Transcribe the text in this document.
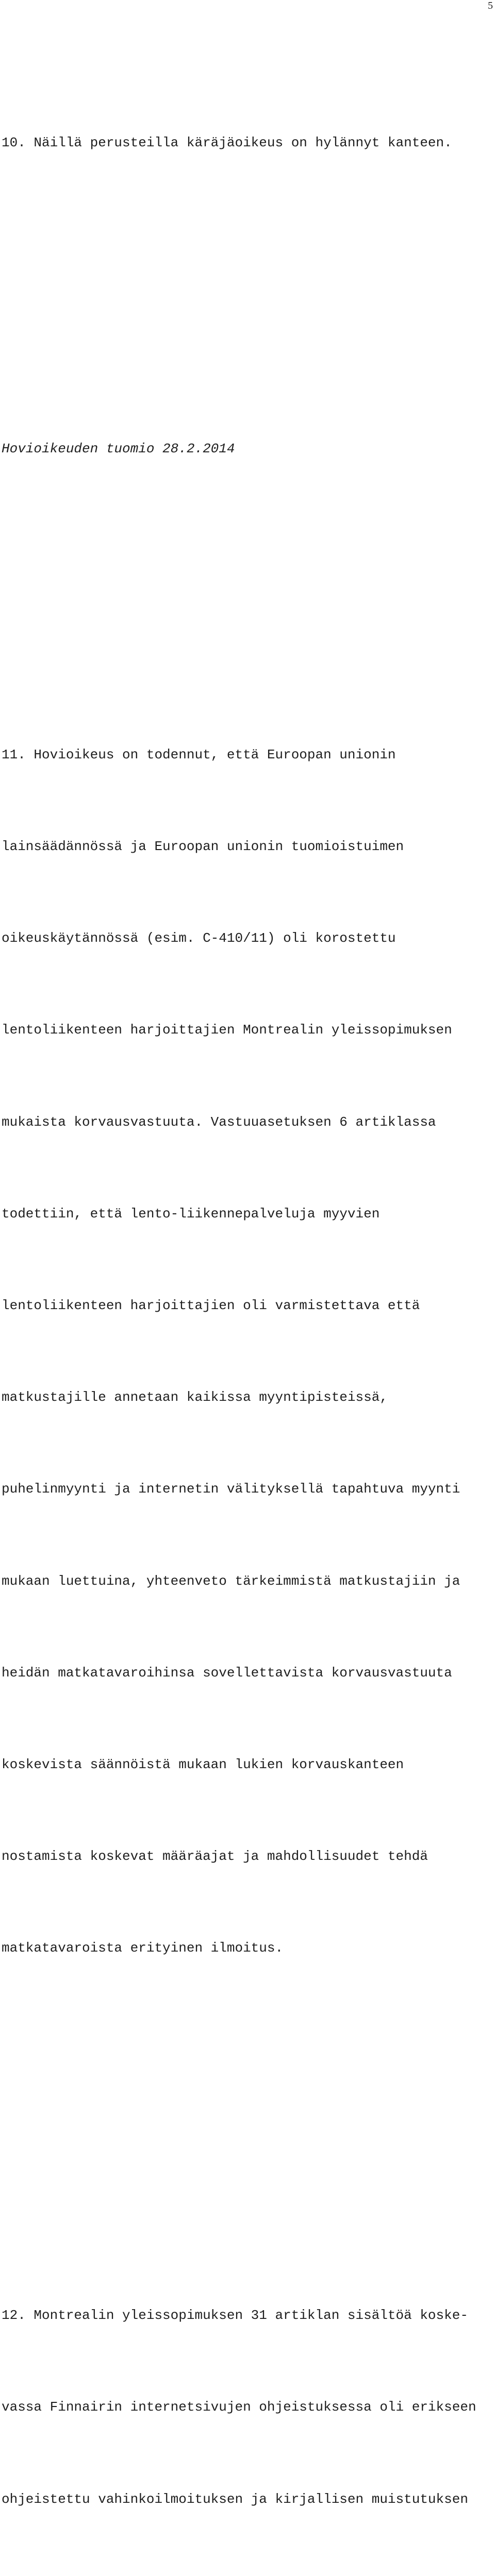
5

10. Näillä perusteilla käräjäoikeus on hylännyt kanteen.

Hovioikeuden tuomio 28.2.2014

11. Hovioikeus on todennut, että Euroopan unionin

lainsäädännössä ja Euroopan unionin tuomioistuimen

oikeuskäytännössä (esim. C-410/11) oli korostettu

lentoliikenteen harjoittajien Montrealin yleissopimuksen

mukaista korvausvastuuta. Vastuuasetuksen 6 artiklassa

todettiin, että lento-liikennepalveluja myyvien

lentoliikenteen harjoittajien oli varmistettava että

matkustajille annetaan kaikissa myyntipisteissä,

puhelinmyynti ja internetin välityksellä tapahtuva myynti

mukaan luettuina, yhteenveto tärkeimmistä matkustajiin ja

heidän matkatavaroihinsa sovellettavista korvausvastuuta

koskevista säännöistä mukaan lukien korvauskanteen

nostamista koskevat määräajat ja mahdollisuudet tehdä

matkatavaroista erityinen ilmoitus.

12. Montrealin yleissopimuksen 31 artiklan sisältöä koske-

vassa Finnairin internetsivujen ohjeistuksessa oli erikseen

ohjeistettu vahinkoilmoituksen ja kirjallisen muistutuksen
